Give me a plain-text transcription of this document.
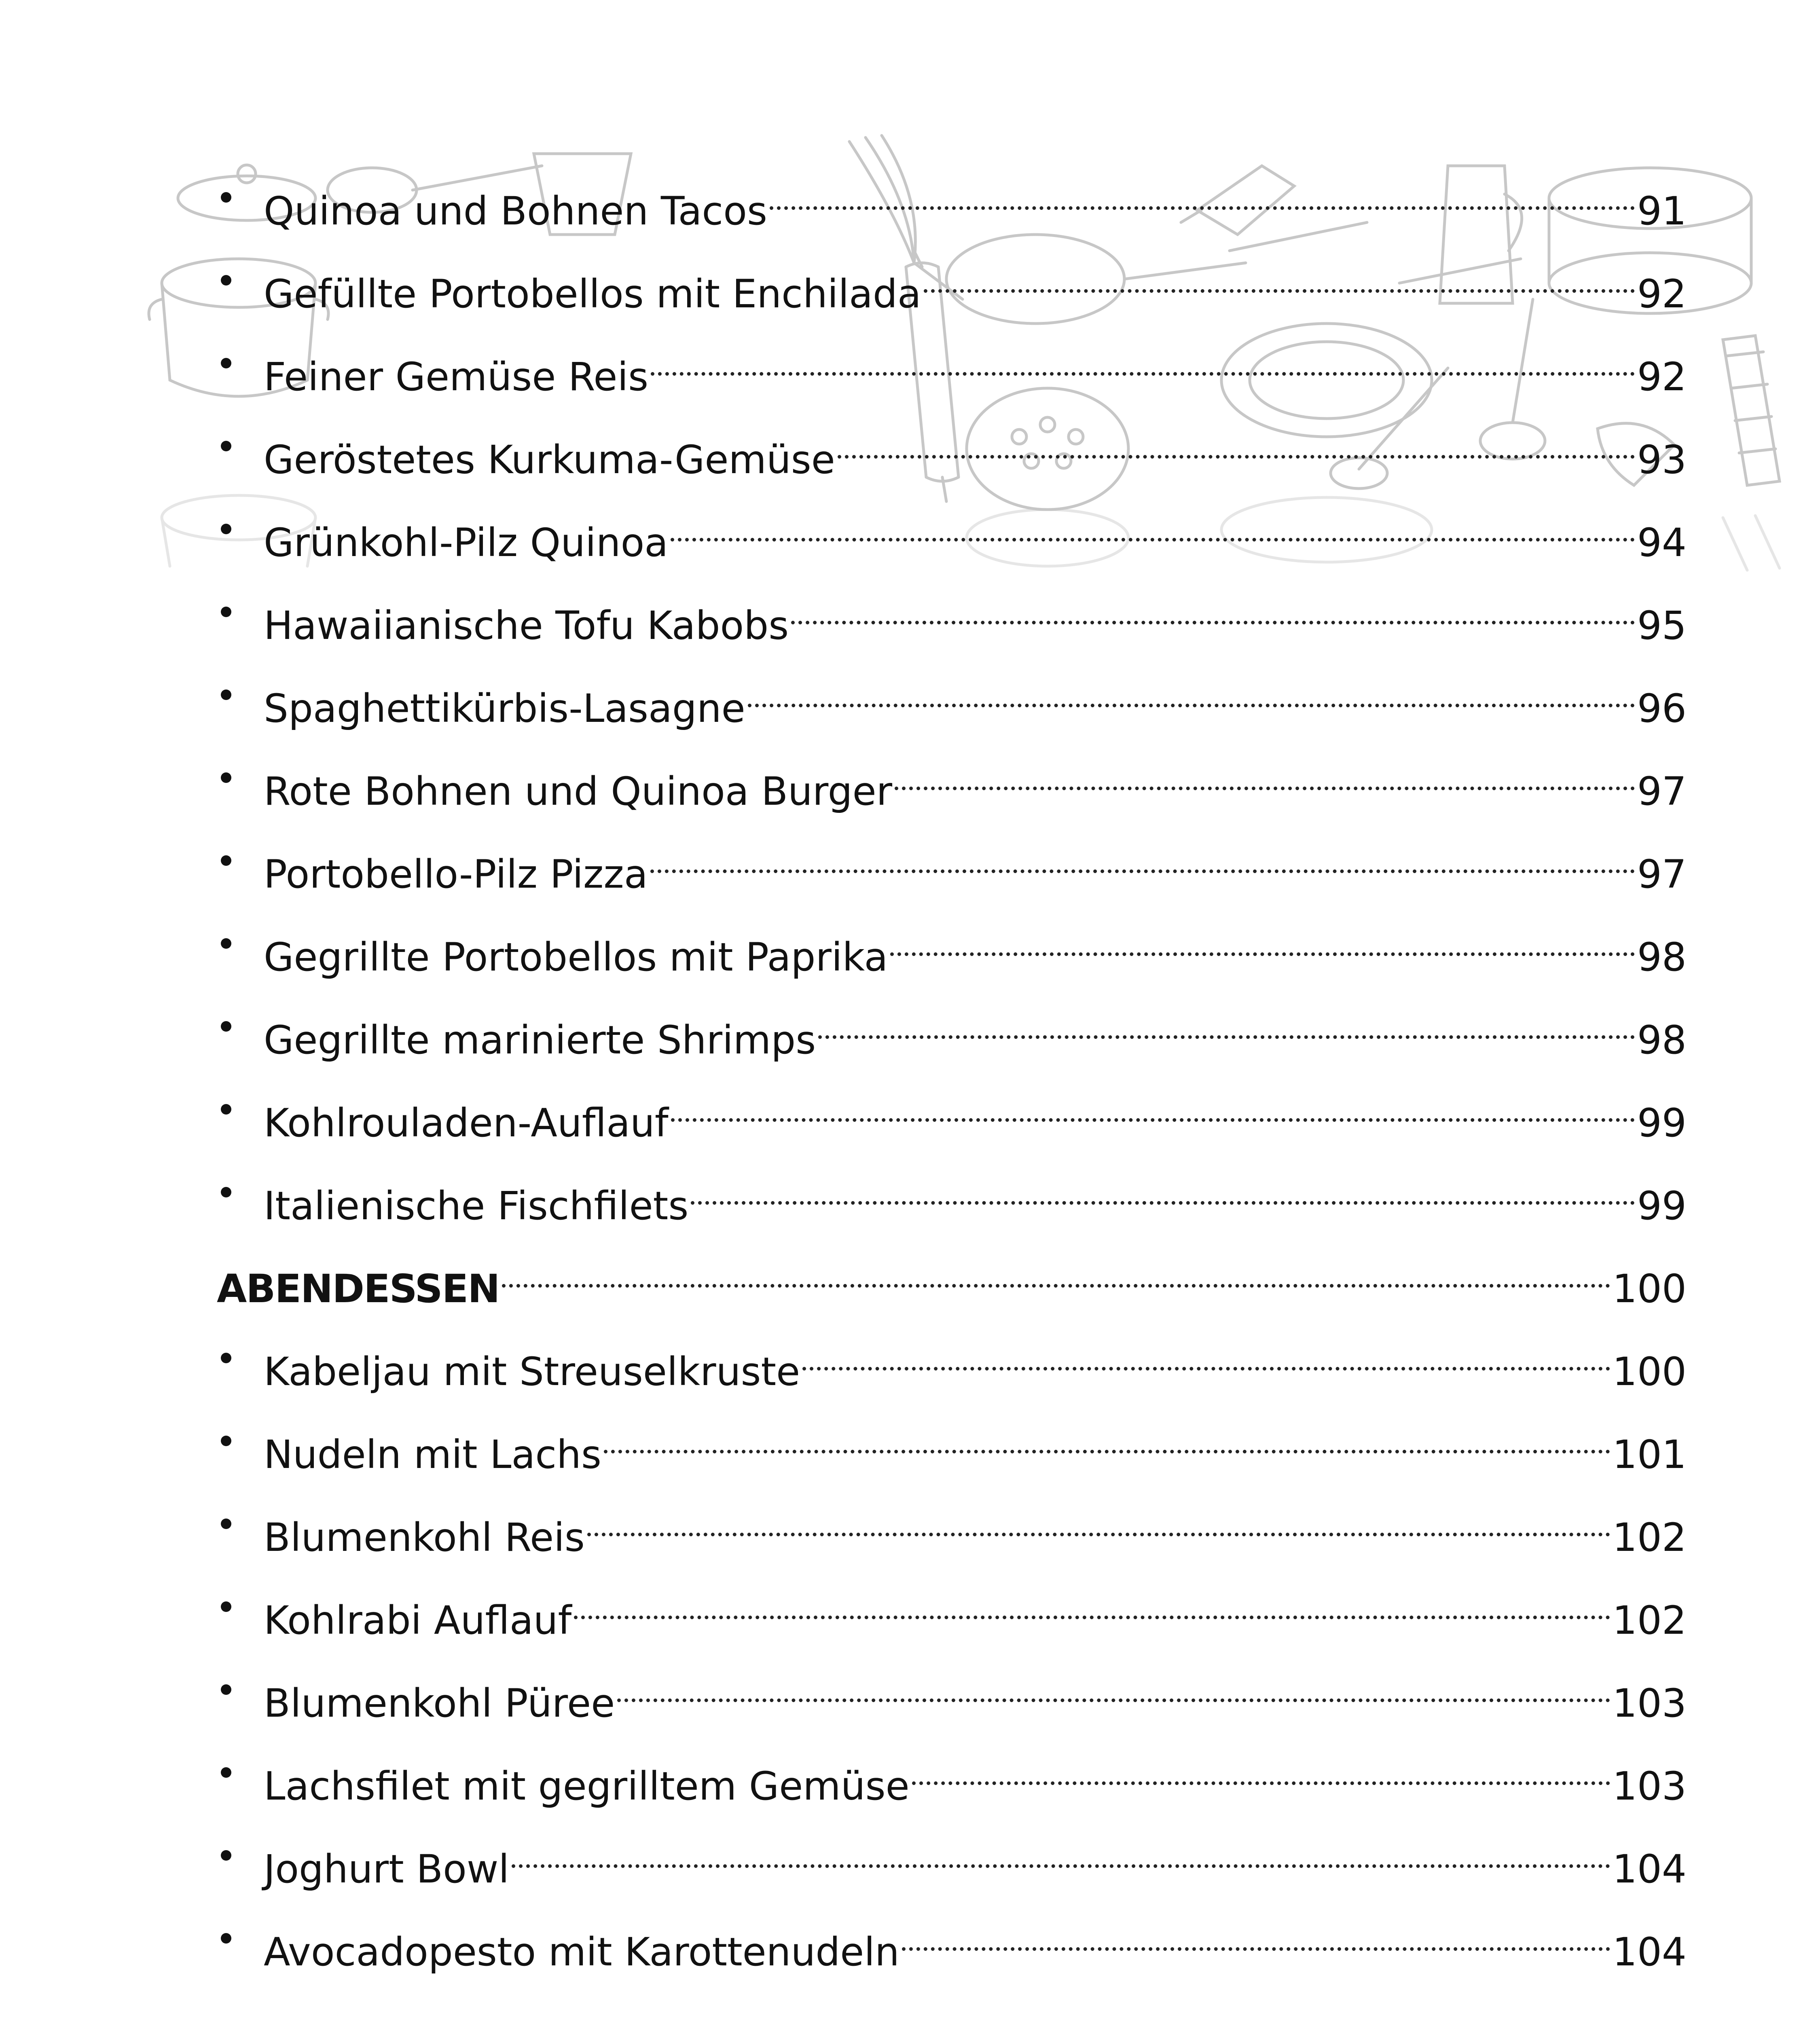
Quinoa und Bohnen Tacos	91
Gefüllte Portobellos mit Enchilada	92
Feiner Gemüse Reis	92
Geröstetes Kurkuma-Gemüse	93
Grünkohl-Pilz Quinoa	94
Hawaiianische Tofu Kabobs	95
Spaghettikürbis-Lasagne	96
Rote Bohnen und Quinoa Burger	97
Portobello-Pilz Pizza	97
Gegrillte Portobellos mit Paprika	98
Gegrillte marinierte Shrimps	98
Kohlrouladen-Auflauf	99
Italienische Fischfilets	99
ABENDESSEN	100
Kabeljau mit Streuselkruste	100
Nudeln mit Lachs	101
Blumenkohl Reis	102
Kohlrabi Auflauf	102
Blumenkohl Püree	103
Lachsfilet mit gegrilltem Gemüse	103
Joghurt Bowl	104
Avocadopesto mit Karottenudeln	104
